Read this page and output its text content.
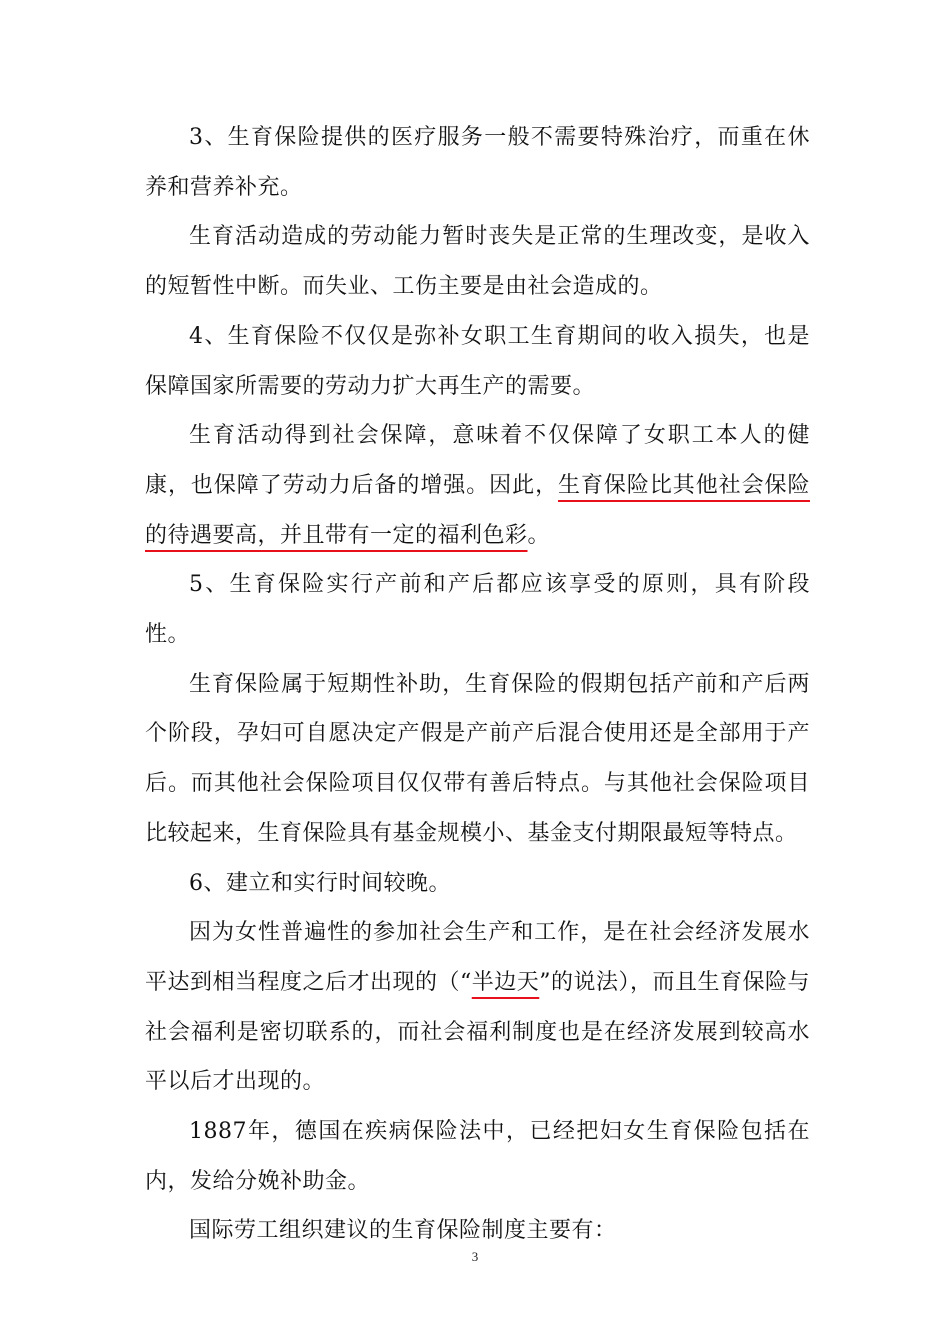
3、生育保险提供的医疗服务一般不需要特殊治疗，而重在休养和营养补充。

生育活动造成的劳动能力暂时丧失是正常的生理改变，是收入的短暂性中断。而失业、工伤主要是由社会造成的。

4、生育保险不仅仅是弥补女职工生育期间的收入损失，也是保障国家所需要的劳动力扩大再生产的需要。

生育活动得到社会保障，意味着不仅保障了女职工本人的健康，也保障了劳动力后备的增强。因此，生育保险比其他社会保险的待遇要高，并且带有一定的福利色彩。

5、生育保险实行产前和产后都应该享受的原则，具有阶段性。

生育保险属于短期性补助，生育保险的假期包括产前和产后两个阶段，孕妇可自愿决定产假是产前产后混合使用还是全部用于产后。而其他社会保险项目仅仅带有善后特点。与其他社会保险项目比较起来，生育保险具有基金规模小、基金支付期限最短等特点。

6、建立和实行时间较晚。

因为女性普遍性的参加社会生产和工作，是在社会经济发展水平达到相当程度之后才出现的（“半边天”的说法），而且生育保险与社会福利是密切联系的，而社会福利制度也是在经济发展到较高水平以后才出现的。

1887年，德国在疾病保险法中，已经把妇女生育保险包括在内，发给分娩补助金。

国际劳工组织建议的生育保险制度主要有：

3
